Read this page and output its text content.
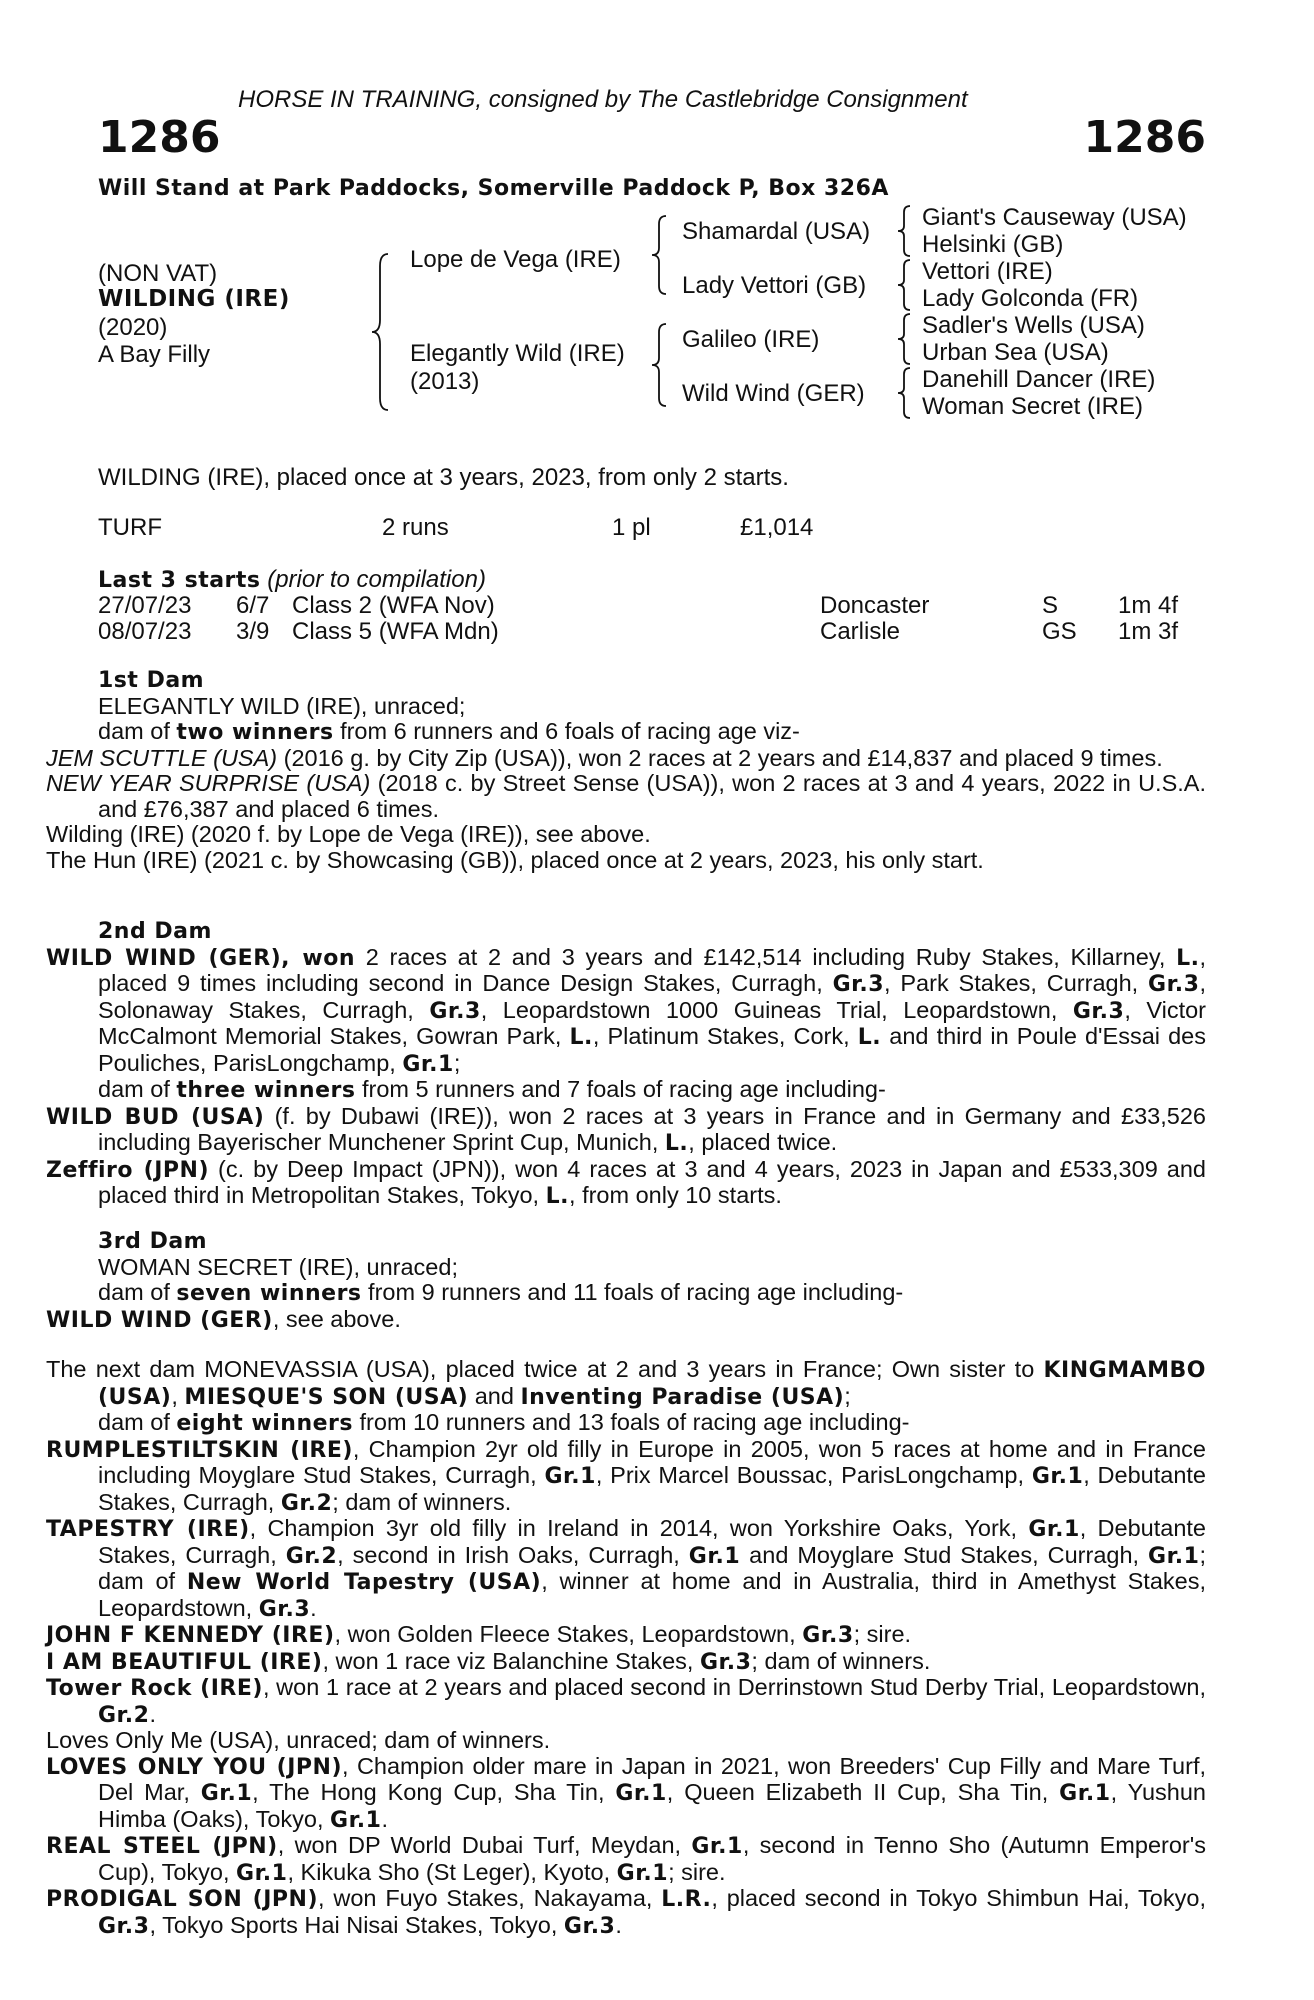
HORSE IN TRAINING, consigned by The Castlebridge Consignment
1286	1286
Will Stand at Park Paddocks, Somerville Paddock P, Box 326A
(NON VAT)
WILDING (IRE)
(2020)
A Bay Filly
Lope de Vega (IRE)
Elegantly Wild (IRE)
(2013)
Shamardal (USA)
Lady Vettori (GB)
Galileo (IRE)
Wild Wind (GER)
Giant's Causeway (USA)
Helsinki (GB)
Vettori (IRE)
Lady Golconda (FR)
Sadler's Wells (USA)
Urban Sea (USA)
Danehill Dancer (IRE)
Woman Secret (IRE)
WILDING (IRE), placed once at 3 years, 2023, from only 2 starts.
TURF	2 runs	1 pl	£1,014
Last 3 starts (prior to compilation)
27/07/23 6/7 Class 2 (WFA Nov)	Doncaster	S 1m 4f
08/07/23 3/9 Class 5 (WFA Mdn)	Carlisle	GS 1m 3f

1st Dam

ELEGANTLY WILD (IRE), unraced;

dam of two winners from 6 runners and 6 foals of racing age viz-

JEM SCUTTLE (USA) (2016 g. by City Zip (USA)), won 2 races at 2 years and £14,837 and placed 9 times.

NEW YEAR SURPRISE (USA) (2018 c. by Street Sense (USA)), won 2 races at 3 and 4 years, 2022 in U.S.A. and £76,387 and placed 6 times.

Wilding (IRE) (2020 f. by Lope de Vega (IRE)), see above.

The Hun (IRE) (2021 c. by Showcasing (GB)), placed once at 2 years, 2023, his only start.

2nd Dam

WILD WIND (GER), won 2 races at 2 and 3 years and £142,514 including Ruby Stakes, Killarney, L., placed 9 times including second in Dance Design Stakes, Curragh, Gr.3, Park Stakes, Curragh, Gr.3, Solonaway Stakes, Curragh, Gr.3, Leopardstown 1000 Guineas Trial, Leopardstown, Gr.3, Victor McCalmont Memorial Stakes, Gowran Park, L., Platinum Stakes, Cork, L. and third in Poule d'Essai des Pouliches, ParisLongchamp, Gr.1;

dam of three winners from 5 runners and 7 foals of racing age including-

WILD BUD (USA) (f. by Dubawi (IRE)), won 2 races at 3 years in France and in Germany and £33,526 including Bayerischer Munchener Sprint Cup, Munich, L., placed twice.

Zeffiro (JPN) (c. by Deep Impact (JPN)), won 4 races at 3 and 4 years, 2023 in Japan and £533,309 and placed third in Metropolitan Stakes, Tokyo, L., from only 10 starts.

3rd Dam

WOMAN SECRET (IRE), unraced;

dam of seven winners from 9 runners and 11 foals of racing age including-

WILD WIND (GER), see above.

The next dam MONEVASSIA (USA), placed twice at 2 and 3 years in France; Own sister to KINGMAMBO (USA), MIESQUE'S SON (USA) and Inventing Paradise (USA);

dam of eight winners from 10 runners and 13 foals of racing age including-

RUMPLESTILTSKIN (IRE), Champion 2yr old filly in Europe in 2005, won 5 races at home and in France including Moyglare Stud Stakes, Curragh, Gr.1, Prix Marcel Boussac, ParisLongchamp, Gr.1, Debutante Stakes, Curragh, Gr.2; dam of winners.

TAPESTRY (IRE), Champion 3yr old filly in Ireland in 2014, won Yorkshire Oaks, York, Gr.1, Debutante Stakes, Curragh, Gr.2, second in Irish Oaks, Curragh, Gr.1 and Moyglare Stud Stakes, Curragh, Gr.1; dam of New World Tapestry (USA), winner at home and in Australia, third in Amethyst Stakes, Leopardstown, Gr.3.

JOHN F KENNEDY (IRE), won Golden Fleece Stakes, Leopardstown, Gr.3; sire.

I AM BEAUTIFUL (IRE), won 1 race viz Balanchine Stakes, Gr.3; dam of winners.

Tower Rock (IRE), won 1 race at 2 years and placed second in Derrinstown Stud Derby Trial, Leopardstown, Gr.2.

Loves Only Me (USA), unraced; dam of winners.

LOVES ONLY YOU (JPN), Champion older mare in Japan in 2021, won Breeders' Cup Filly and Mare Turf, Del Mar, Gr.1, The Hong Kong Cup, Sha Tin, Gr.1, Queen Elizabeth II Cup, Sha Tin, Gr.1, Yushun Himba (Oaks), Tokyo, Gr.1.

REAL STEEL (JPN), won DP World Dubai Turf, Meydan, Gr.1, second in Tenno Sho (Autumn Emperor's Cup), Tokyo, Gr.1, Kikuka Sho (St Leger), Kyoto, Gr.1; sire.

PRODIGAL SON (JPN), won Fuyo Stakes, Nakayama, L.R., placed second in Tokyo Shimbun Hai, Tokyo, Gr.3, Tokyo Sports Hai Nisai Stakes, Tokyo, Gr.3.
